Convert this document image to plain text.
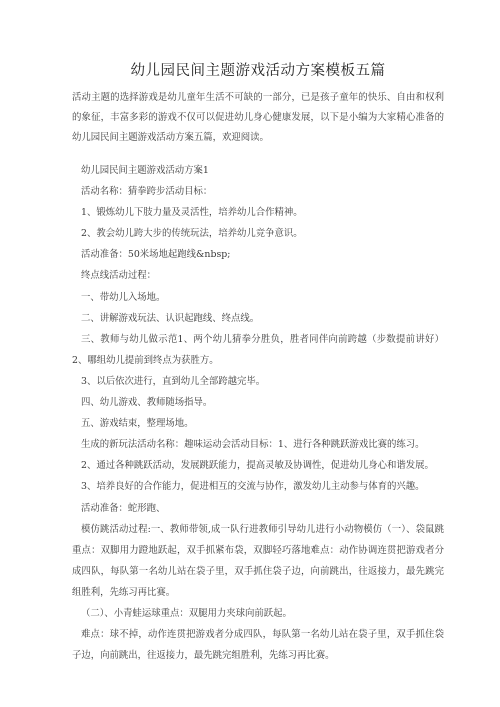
幼儿园民间主题游戏活动方案模板五篇

活动主题的选择游戏是幼儿童年生活不可缺的一部分，已是孩子童年的快乐、自由和权利的象征，丰富多彩的游戏不仅可以促进幼儿身心健康发展，以下是小编为大家精心准备的幼儿园民间主题游戏活动方案五篇，欢迎阅读。

幼儿园民间主题游戏活动方案1

活动名称：猜拳跨步活动目标：

1、锻炼幼儿下肢力量及灵活性，培养幼儿合作精神。

2、教会幼儿跨大步的传统玩法，培养幼儿竞争意识。

活动准备：50米场地起跑线&nbsp;

终点线活动过程：

一、带幼儿入场地。

二、讲解游戏玩法、认识起跑线、终点线。

三、教师与幼儿做示范1、两个幼儿猜拳分胜负，胜者同伴向前跨越（步数提前讲好）2、哪组幼儿提前到终点为获胜方。

3、以后依次进行，直到幼儿全部跨越完毕。

四、幼儿游戏、教师随场指导。

五、游戏结束，整理场地。

生成的新玩法活动名称：趣味运动会活动目标：1、进行各种跳跃游戏比赛的练习。

2、通过各种跳跃活动，发展跳跃能力，提高灵敏及协调性，促进幼儿身心和谐发展。

3、培养良好的合作能力，促进相互的交流与协作，激发幼儿主动参与体育的兴趣。

活动准备：蛇形跑、

模仿跳活动过程:一、教师带领,成一队行进教师引导幼儿进行小动物模仿（一）、袋鼠跳重点：双脚用力蹬地跃起，双手抓紧布袋，双脚轻巧落地难点：动作协调连贯把游戏者分成四队，每队第一名幼儿站在袋子里，双手抓住袋子边，向前跳出，往返接力，最先跳完组胜利，先练习再比赛。

（二）、小青蛙运球重点：双腿用力夹球向前跃起。

难点：球不掉，动作连贯把游戏者分成四队，每队第一名幼儿站在袋子里，双手抓住袋子边，向前跳出，往返接力，最先跳完组胜利，先练习再比赛。
